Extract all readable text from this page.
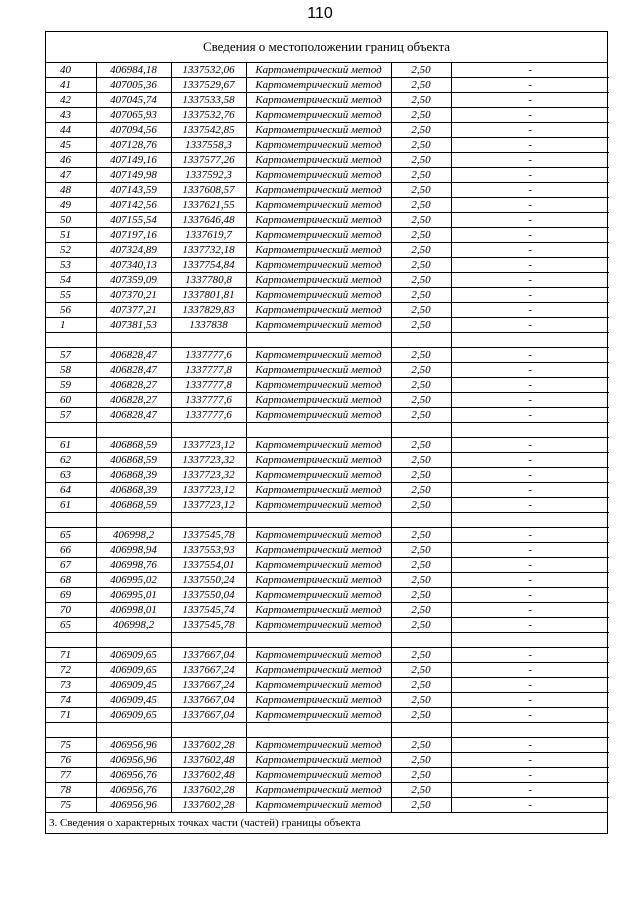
110
Сведения о местоположении границ объекта
40	406984,18	1337532,06	Картометрический метод	2,50	-
41	407005,36	1337529,67	Картометрический метод	2,50	-
42	407045,74	1337533,58	Картометрический метод	2,50	-
43	407065,93	1337532,76	Картометрический метод	2,50	-
44	407094,56	1337542,85	Картометрический метод	2,50	-
45	407128,76	1337558,3	Картометрический метод	2,50	-
46	407149,16	1337577,26	Картометрический метод	2,50	-
47	407149,98	1337592,3	Картометрический метод	2,50	-
48	407143,59	1337608,57	Картометрический метод	2,50	-
49	407142,56	1337621,55	Картометрический метод	2,50	-
50	407155,54	1337646,48	Картометрический метод	2,50	-
51	407197,16	1337619,7	Картометрический метод	2,50	-
52	407324,89	1337732,18	Картометрический метод	2,50	-
53	407340,13	1337754,84	Картометрический метод	2,50	-
54	407359,09	1337780,8	Картометрический метод	2,50	-
55	407370,21	1337801,81	Картометрический метод	2,50	-
56	407377,21	1337829,83	Картометрический метод	2,50	-
1	407381,53	1337838	Картометрический метод	2,50	-

57	406828,47	1337777,6	Картометрический метод	2,50	-
58	406828,47	1337777,8	Картометрический метод	2,50	-
59	406828,27	1337777,8	Картометрический метод	2,50	-
60	406828,27	1337777,6	Картометрический метод	2,50	-
57	406828,47	1337777,6	Картометрический метод	2,50	-

61	406868,59	1337723,12	Картометрический метод	2,50	-
62	406868,59	1337723,32	Картометрический метод	2,50	-
63	406868,39	1337723,32	Картометрический метод	2,50	-
64	406868,39	1337723,12	Картометрический метод	2,50	-
61	406868,59	1337723,12	Картометрический метод	2,50	-

65	406998,2	1337545,78	Картометрический метод	2,50	-
66	406998,94	1337553,93	Картометрический метод	2,50	-
67	406998,76	1337554,01	Картометрический метод	2,50	-
68	406995,02	1337550,24	Картометрический метод	2,50	-
69	406995,01	1337550,04	Картометрический метод	2,50	-
70	406998,01	1337545,74	Картометрический метод	2,50	-
65	406998,2	1337545,78	Картометрический метод	2,50	-

71	406909,65	1337667,04	Картометрический метод	2,50	-
72	406909,65	1337667,24	Картометрический метод	2,50	-
73	406909,45	1337667,24	Картометрический метод	2,50	-
74	406909,45	1337667,04	Картометрический метод	2,50	-
71	406909,65	1337667,04	Картометрический метод	2,50	-

75	406956,96	1337602,28	Картометрический метод	2,50	-
76	406956,96	1337602,48	Картометрический метод	2,50	-
77	406956,76	1337602,48	Картометрический метод	2,50	-
78	406956,76	1337602,28	Картометрический метод	2,50	-
75	406956,96	1337602,28	Картометрический метод	2,50	-
3. Сведения о характерных точках части (частей) границы объекта
